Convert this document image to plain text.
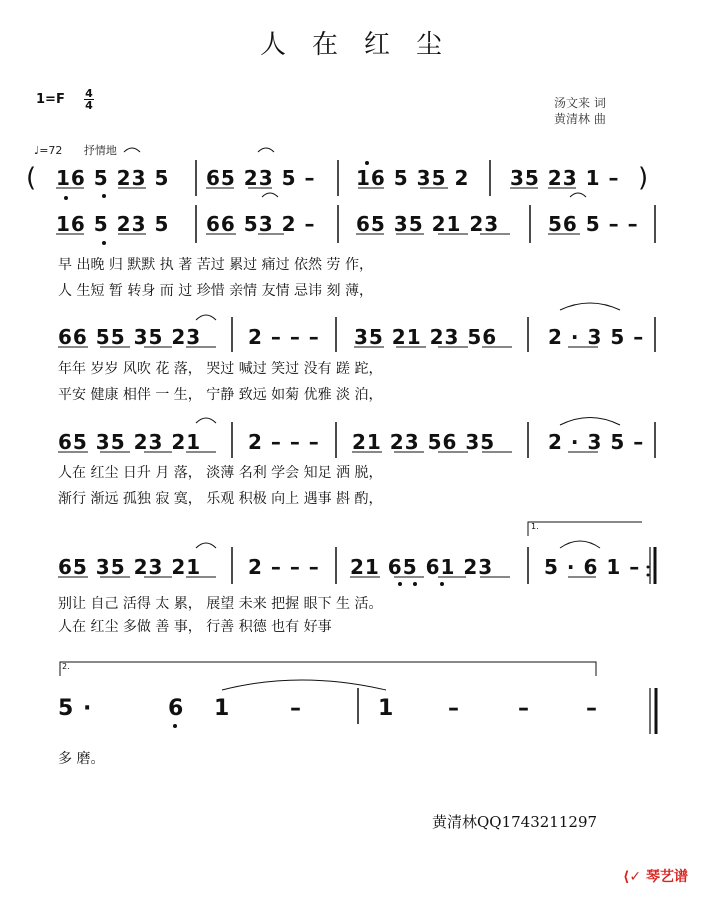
人在红尘
1=F 4
4	汤文来 词
黄清林 曲
♩=72 抒情地
1.
2.
( 16 5 23 5 65 23 5 – 16 5 35 2 35 23 1 – )
16 5 23 5 66 53 2 – 65 35 21 23 56 5 – –
早 出晚 归 默默 执 著 苦过 累过 痛过 依然 劳 作，
人 生短 暂 转身 而 过 珍惜 亲情 友情 忌讳 刻 薄，
66 55 35 23 2 – – – 35 21 23 56	2 · 3 5 –
年年 岁岁 风吹 花 落， 哭过 喊过 笑过 没有 蹉 跎，
平安 健康 相伴 一 生， 宁静 致远 如菊 优雅 淡 泊，
65 35 23 21 2 – – – 21 23 56 35	2 · 3 5 –
人在 红尘 日升 月 落， 淡薄 名利 学会 知足 洒 脱，
渐行 渐远 孤独 寂 寞， 乐观 积极 向上 遇事 斟 酌，
65 35 23 21 2 – – – 21 65 61 23	5 · 6 1 –
别让 自己 活得 太 累， 展望 未来 把握 眼下 生 活。
人在 红尘 多做 善 事， 行善 积德 也有 好事
5 ·	6 1	–	1 –	–	–
多 磨。
黄清林QQ1743211297
⟨✓ 琴艺谱
